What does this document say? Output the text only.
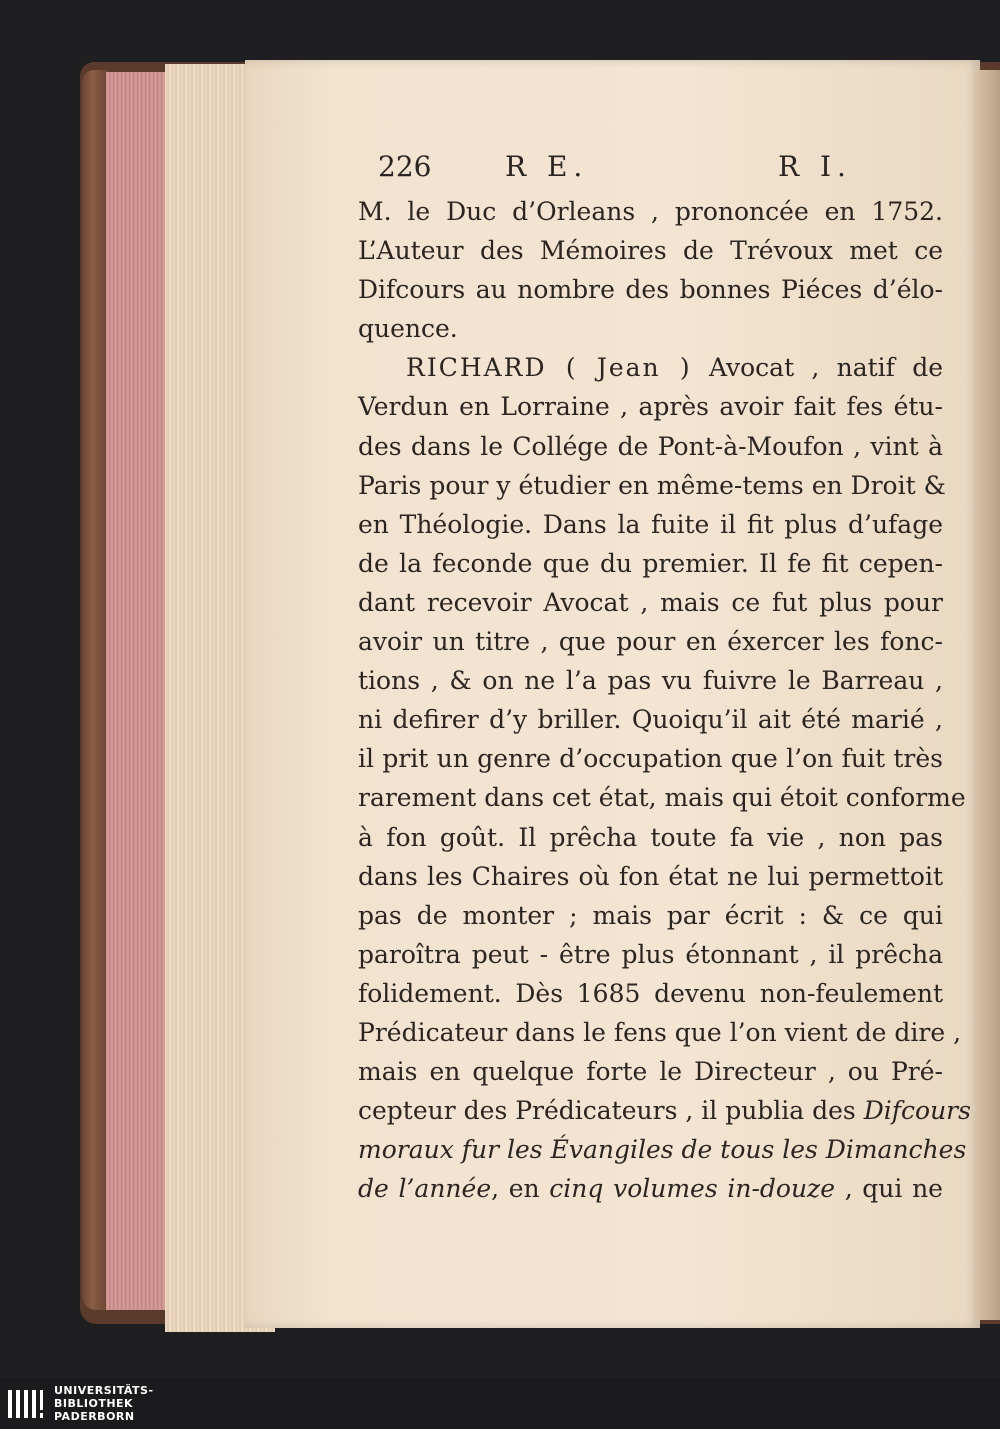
226	R E.	R I.
M. le Duc d’Orleans , prononcée en 1752.
L’Auteur des Mémoires de Trévoux met ce
Difcours au nombre des bonnes Piéces d’élo-
quence.
RICHARD ( Jean ) Avocat , natif de
Verdun en Lorraine , après avoir fait fes étu-
des dans le Collége de Pont-à-Moufon , vint à
Paris pour y étudier en même-tems en Droit &
en Théologie. Dans la fuite il fit plus d’ufage
de la feconde que du premier. Il fe fit cepen-
dant recevoir Avocat , mais ce fut plus pour
avoir un titre , que pour en éxercer les fonc-
tions , & on ne l’a pas vu fuivre le Barreau ,
ni defirer d’y briller. Quoiqu’il ait été marié ,
il prit un genre d’occupation que l’on fuit très
rarement dans cet état, mais qui étoit conforme
à fon goût. Il prêcha toute fa vie , non pas
dans les Chaires où fon état ne lui permettoit
pas de monter ; mais par écrit : & ce qui
paroîtra peut - être plus étonnant , il prêcha
folidement. Dès 1685 devenu non-feulement
Prédicateur dans le fens que l’on vient de dire ,
mais en quelque forte le Directeur , ou Pré-
cepteur des Prédicateurs , il publia des Difcours
moraux fur les Évangiles de tous les Dimanches
de l’année, en cinq volumes in-douze , qui ne
UNIVERSITÄTS-
BIBLIOTHEK
PADERBORN
